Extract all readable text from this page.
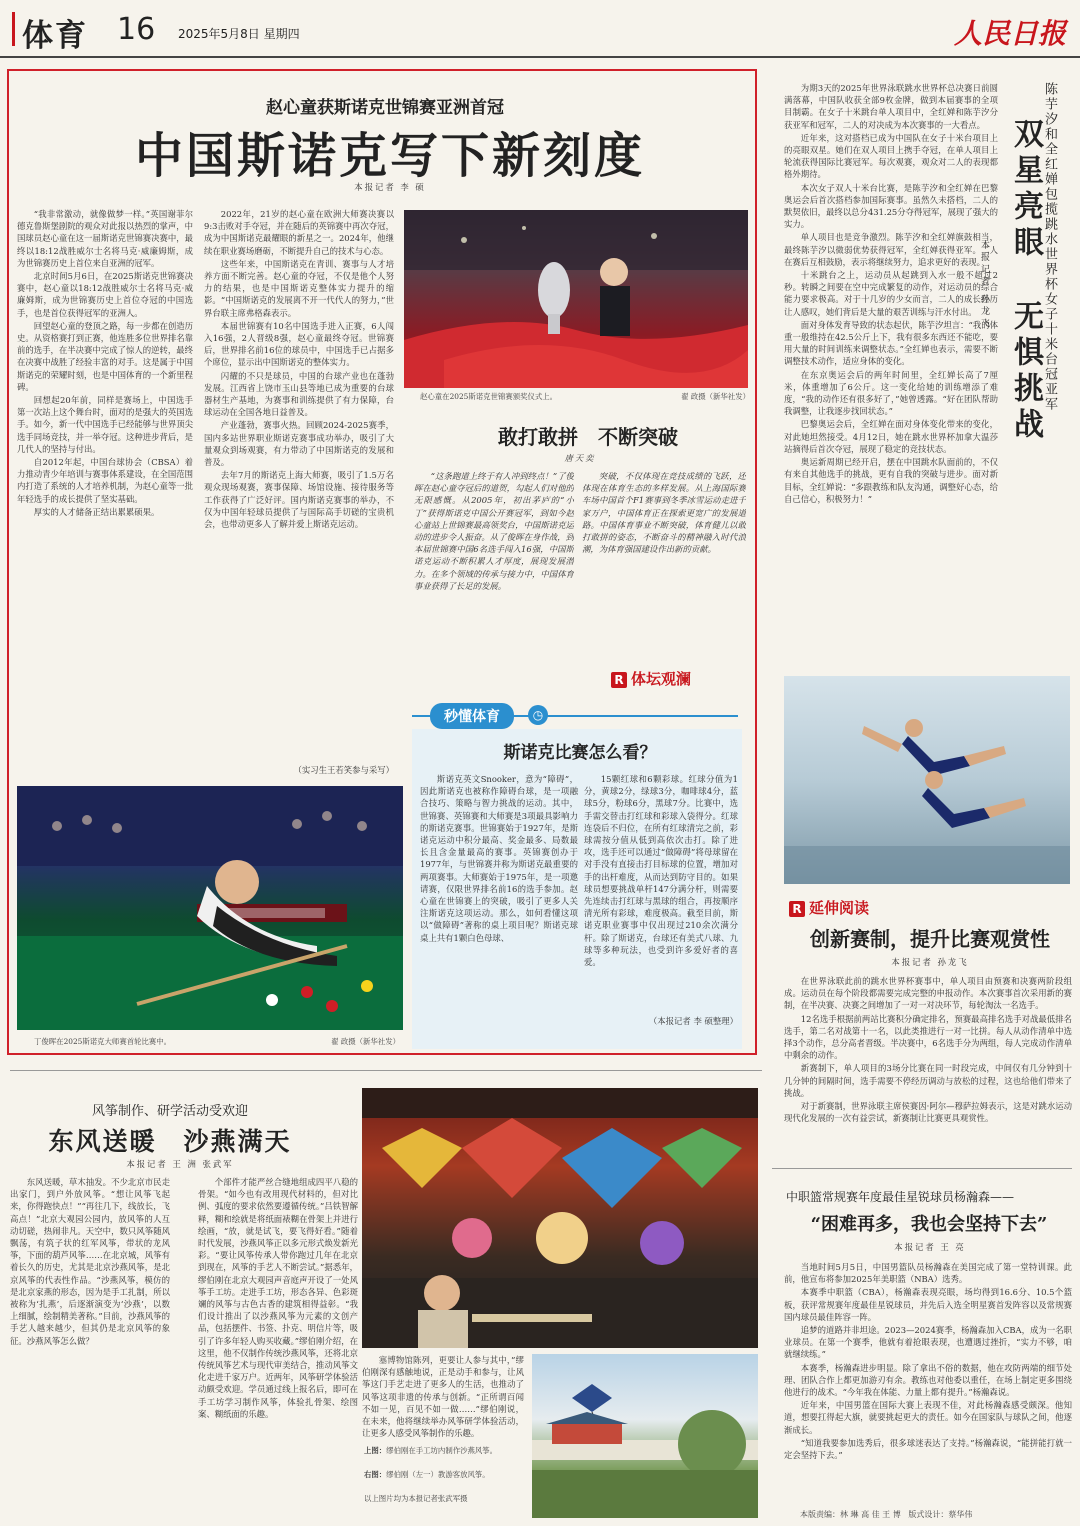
体育 16 2025年5月8日 星期四	人民日报
赵心童获斯诺克世锦赛亚洲首冠
中国斯诺克写下新刻度
本报记者 李 硕

“我非常激动，就像做梦一样。”英国谢菲尔德克鲁斯堡剧院的观众对此报以热烈的掌声，中国球员赵心童在这一届斯诺克世锦赛决赛中，最终以18:12战胜威尔士名将马克·威廉姆斯，成为世锦赛历史上首位来自亚洲的冠军。

北京时间5月6日，在2025斯诺克世锦赛决赛中，赵心童以18:12战胜威尔士名将马克·威廉姆斯，成为世锦赛历史上首位夺冠的中国选手，也是首位获得冠军的亚洲人。

回望赵心童的登顶之路，每一步都在创造历史。从资格赛打到正赛，他连胜多位世界排名靠前的选手，在半决赛中完成了惊人的逆转，最终在决赛中战胜了经验丰富的对手。这是属于中国斯诺克的荣耀时刻，也是中国体育的一个新里程碑。

回想起20年前，同样是赛场上，中国选手第一次站上这个舞台时，面对的是强大的英国选手。如今，新一代中国选手已经能够与世界顶尖选手同场竞技，并一举夺冠。这种进步背后，是几代人的坚持与付出。

自2012年起，中国台球协会（CBSA）着力推动青少年培训与赛事体系建设，在全国范围内打造了系统的人才培养机制，为赵心童等一批年轻选手的成长提供了坚实基础。

厚实的人才储备正结出累累硕果。

2022年，21岁的赵心童在欧洲大师赛决赛以9:3击败对手夺冠，并在随后的英锦赛中再次夺冠，成为中国斯诺克最耀眼的新星之一。2024年，他继续在职业赛场磨砺，不断提升自己的技术与心态。

这些年来，中国斯诺克在青训、赛事与人才培养方面不断完善。赵心童的夺冠，不仅是他个人努力的结果，也是中国斯诺克整体实力提升的缩影。“中国斯诺克的发展离不开一代代人的努力，”世界台联主席弗格森表示。

本届世锦赛有10名中国选手进入正赛，6人闯入16强，2人晋级8强，赵心童最终夺冠。世锦赛后，世界排名前16位的球员中，中国选手已占据多个席位，显示出中国斯诺克的整体实力。

闪耀的不只是球员，中国的台球产业也在蓬勃发展。江西省上饶市玉山县等地已成为重要的台球器材生产基地，为赛事和训练提供了有力保障，台球运动在全国各地日益普及。

产业蓬勃，赛事火热。回顾2024-2025赛季，国内多站世界职业斯诺克赛事成功举办，吸引了大量观众到场观赛，有力带动了中国斯诺克的发展和普及。

去年7月的斯诺克上海大师赛，吸引了1.5万名观众现场观赛，赛事保障、场馆设施、接待服务等工作获得了广泛好评。国内斯诺克赛事的举办，不仅为中国年轻球员提供了与国际高手切磋的宝贵机会，也带动更多人了解并爱上斯诺克运动。

（实习生王若笑参与采写）
赵心童在2025斯诺克世锦赛颁奖仪式上。	翟 政摄（新华社发）
敢打敢拼　不断突破
唐天奕
“这条跑道上终于有人冲到终点！”了俊晖在赵心童夺冠后的道贺，勾起人们对他的无限感慨。从2005年，初出茅庐的“小丁”获得斯诺克中国公开赛冠军，到如今赵心童站上世锦赛最高领奖台，中国斯诺克运动的进步令人振奋。从了俊晖在身作战，到本届世锦赛中国6名选手闯入16强，中国斯诺克运动不断积累人才厚度，展现发展潜力。在多个领域的传承与接力中，中国体育事业获得了长足的发展。
突破，不仅体现在竞技成绩的飞跃，还体现在体育生态的多样发展。从上海国际赛车场中国首个F1赛事到冬季冰雪运动走进千家万户，中国体育正在探索更宽广的发展道路。中国体育事业不断突破，体育健儿以敢打敢拼的姿态，不断奋斗的精神融入时代浪潮，为体育强国建设作出新的贡献。
R 体坛观澜
秒懂体育	◷
斯诺克比赛怎么看？
斯诺克英文Snooker，意为“障碍”，因此斯诺克也被称作障碍台球，是一项融合技巧、策略与智力挑战的运动。其中，世锦赛、英锦赛和大师赛是3项最具影响力的斯诺克赛事。世锦赛始于1927年，是斯诺克运动中积分最高、奖金最多、局数最长且含金量最高的赛事。英锦赛创办于1977年，与世锦赛并称为斯诺克最重要的两项赛事。大师赛始于1975年，是一项邀请赛，仅限世界排名前16的选手参加。赵心童在世锦赛上的突破，吸引了更多人关注斯诺克这项运动。那么，如何看懂这项以“做障碍”著称的桌上项目呢？斯诺克球桌上共有1颗白色母球、
15颗红球和6颗彩球。红球分值为1分，黄球2分，绿球3分，咖啡球4分，蓝球5分，粉球6分，黑球7分。比赛中，选手需交替击打红球和彩球入袋得分。红球连袋后不归位，在所有红球清完之前，彩球需按分值从低到高依次击打。除了进攻，选手还可以通过“做障碍”将母球留在对手没有直接击打目标球的位置，增加对手的出杆难度，从而达到防守目的。如果球员想要挑战单杆147分满分杆，则需要先连续击打红球与黑球的组合，再按顺序清光所有彩球，难度极高。截至目前，斯诺克职业赛事中仅出现过210余次满分杆。除了斯诺克，台球还有美式八球、九球等多种玩法，也受到许多爱好者的喜爱。
（本报记者 李 硕整理）
丁俊晖在2025斯诺克大师赛首轮比赛中。	翟 政摄（新华社发）

为期3天的2025年世界泳联跳水世界杯总决赛日前圆满落幕，中国队收获全部9枚金牌，做到本届赛事的全项目制霸。在女子十米跳台单人项目中，全红婵和陈芋汐分获亚军和冠军，二人的对决成为本次赛事的一大看点。

近年来，这对搭档已成为中国队在女子十米台项目上的亮眼双星。她们在双人项目上携手夺冠，在单人项目上轮流获得国际比赛冠军。每次观赛，观众对二人的表现都格外期待。

本次女子双人十米台比赛，是陈芋汐和全红婵在巴黎奥运会后首次搭档参加国际赛事。虽然久未搭档，二人的默契依旧，最终以总分431.25分夺得冠军，展现了强大的实力。

单人项目也是竞争激烈。陈芋汐和全红婵旗鼓相当，最终陈芋汐以微弱优势获得冠军，全红婵获得亚军。二人在赛后互相鼓励，表示将继续努力，追求更好的表现。

十米跳台之上，运动员从起跳到入水一般不超过2秒。转瞬之间要在空中完成繁复的动作，对运动员的综合能力要求极高。对于十几岁的少女而言，二人的成长经历让人感叹，她们背后是大量的艰苦训练与汗水付出。

面对身体发育导致的状态起伏，陈芋汐坦言：“我的体重一般维持在42.5公斤上下，我有很多东西还不能吃，要用大量的时间训练来调整状态。”全红婵也表示，需要不断调整技术动作，适应身体的变化。

在东京奥运会后的两年时间里，全红婵长高了7厘米，体重增加了6公斤。这一变化给她的训练增添了难度，“我的动作还有很多好了，”她曾透露。“好在团队帮助我调整，让我逐步找回状态。”

巴黎奥运会后，全红婵在面对身体变化带来的变化，对此她坦然接受。4月12日，她在跳水世界杯加拿大温莎站摘得后首次夺冠，展现了稳定的竞技状态。

奥运新周期已经开启，摆在中国跳水队面前的，不仅有来自其他选手的挑战，更有自我的突破与进步。面对新目标，全红婵说：“多跟教练和队友沟通，调整好心态，给自己信心，积极努力！”

陈芋汐和全红婵包揽跳水世界杯女子十米台冠亚军
双星亮眼
无惧挑战
本报记者 孙龙飞
R 延伸阅读
创新赛制，提升比赛观赏性
本报记者 孙龙飞

在世界泳联此前的跳水世界杯赛事中，单人项目由预赛和决赛两阶段组成。运动员在每个阶段都需要完成完整的申报动作。本次赛事首次采用新的赛制，在半决赛、决赛之间增加了一对一对决环节，每轮淘汰一名选手。

12名选手根据前两站比赛积分确定排名，预赛最高排名选手对战最低排名选手，第二名对战第十一名，以此类推进行一对一比拼。每人从动作清单中选择3个动作，总分高者晋级。半决赛中，6名选手分为两组，每人完成动作清单中剩余的动作。

新赛制下，单人项目的3场分比赛在同一时段完成，中间仅有几分钟到十几分钟的间隔时间，选手需要不停经历调动与放松的过程，这也给他们带来了挑战。

对于新赛制，世界泳联主席侯赛因·阿尔—穆萨拉姆表示，这是对跳水运动现代化发展的一次有益尝试，新赛制让比赛更具观赏性。

中职篮常规赛年度最佳星锐球员杨瀚森——
“困难再多，我也会坚持下去”
本报记者 王 亮

当地时间5月5日，中国男篮队员杨瀚森在美国完成了第一堂特训课。此前，他宣布将参加2025年美职篮（NBA）选秀。

本赛季中职篮（CBA），杨瀚森表现亮眼，场均得到16.6分、10.5个篮板，获评常规赛年度最佳星锐球员，并先后入选全明星赛首发阵容以及常规赛国内球员最佳阵容一阵。

追梦的道路并非坦途。2023—2024赛季，杨瀚森加入CBA，成为一名职业球员。在第一个赛季，他就有着抢眼表现，也遭遇过挫折，“实力不够，咱就继续练。”

本赛季，杨瀚森进步明显。除了拿出不俗的数据，他在攻防两端的细节处理、团队合作上都更加游刃有余。教练也对他委以重任，在场上制定更多围绕他进行的战术。“今年我在体能、力量上都有提升。”杨瀚森说。

近年来，中国男篮在国际大赛上表现不佳，对此杨瀚森感受颇深。他知道，想要扛得起大旗，就要挑起更大的责任。如今在国家队与球队之间，他逐渐成长。

“知道我要参加选秀后，很多球迷表达了支持。”杨瀚森说，“能拼能打就一定会坚持下去。”

风筝制作、研学活动受欢迎
东风送暖　沙燕满天
本报记者 王 洲 张武军
东风送暖，草木抽发。不少北京市民走出家门，到户外放风筝。“想让风筝飞起来，你得跑快点！”“再往几下，线放长，飞高点！”北京大观园公园内，放风筝的人互动切磋，热闹非凡。天空中，数只风筝随风飘荡，有筑子状的红军风筝，带状的龙风筝，下面的葫芦风筝……在北京城，风筝有着长久的历史，尤其是北京沙燕风筝，是北京风筝的代表性作品。“沙燕风筝，模仿的是北京家燕的形态，因为是手工扎制，所以被称为‘扎燕’，后逐渐演变为‘沙燕’，以数上细腻，绘制精美著称。”目前，沙燕风筝的手艺人越来越少，但其仍是北京风筝的象征。沙燕风筝怎么做？
个部件才能严丝合缝地组成四平八稳的骨架。“如今也有改用现代材料的，但对比例、弧度的要求依然要遵循传统。”吕铁智解释，糊和绘就是将纸面裱糊在骨架上并进行绘画，“放，就是试飞，要飞得好看。”随着时代发展，沙燕风筝正以多元形式焕发新光彩。“要让风筝传承人带你跑过几年在北京到现在，风筝的手艺人不断尝试。”据悉年，缪伯刚在北京大观园声音庭声开设了一处风筝手工坊。走进手工坊，形态各异、色彩斑斓的风筝与古色古香的建筑相得益彰。“我们设计推出了以沙燕风筝为元素的文创产品，包括摆件、书签、扑克、明信片等，吸引了许多年轻人购买收藏。”缪伯刚介绍，在这里，他不仅制作传统沙燕风筝，还将北京传统风筝艺术与现代审美结合，推动风筝文化走进千家万户。近两年，风筝研学体验活动颇受欢迎。学员通过线上报名后，即可在手工坊学习制作风筝，体验扎骨架、绘图案、糊纸面的乐趣。
塞博物馆陈列，更要让人参与其中，”缪伯刚深有感触地说，正是动手和参与，让风筝这门手艺走进了更多人的生活，也推动了风筝这项非遗的传承与创新。“正所谓百闻不如一见，百见不如一做……”缪伯刚说，在未来，他将继续举办风筝研学体验活动，让更多人感受风筝制作的乐趣。
上图：缪伯刚在手工坊内制作沙燕风筝。
右图：缪伯刚（左一）教游客放风筝。
以上图片均为本报记者张武军摄
本版责编：林 琳 高 佳 王 博 版式设计：蔡华伟
